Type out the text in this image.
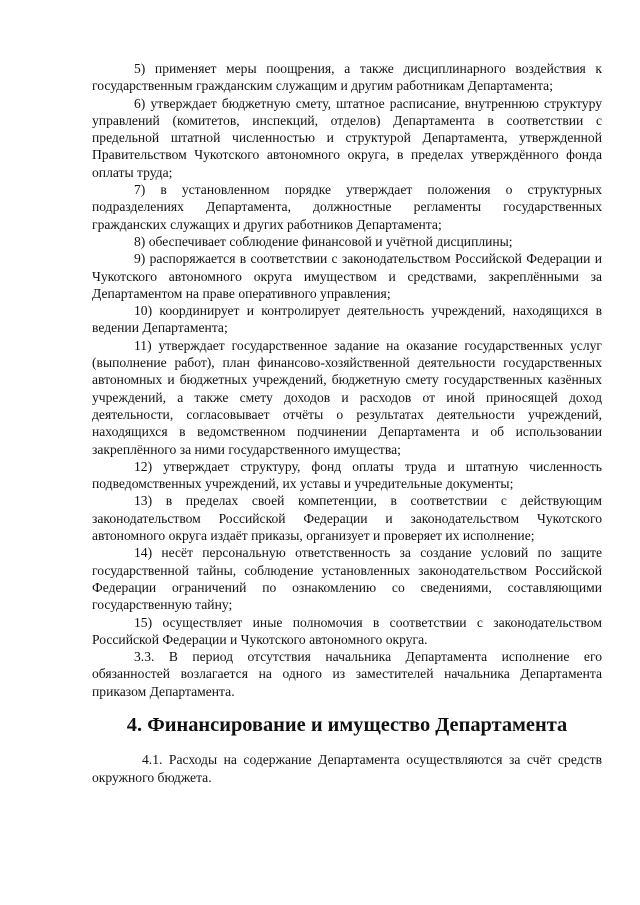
5) применяет меры поощрения, а также дисциплинарного воздействия к государственным гражданским служащим и другим работникам Департамента;

6) утверждает бюджетную смету, штатное расписание, внутреннюю структуру управлений (комитетов, инспекций, отделов) Департамента в соответствии с предельной штатной численностью и структурой Департамента, утвержденной Правительством Чукотского автономного округа, в пределах утверждённого фонда оплаты труда;

7) в установленном порядке утверждает положения о структурных подразделениях Департамента, должностные регламенты государственных гражданских служащих и других работников Департамента;

8) обеспечивает соблюдение финансовой и учётной дисциплины;

9) распоряжается в соответствии с законодательством Российской Федерации и Чукотского автономного округа имуществом и средствами, закреплёнными за Департаментом на праве оперативного управления;

10) координирует и контролирует деятельность учреждений, находящихся в ведении Департамента;

11) утверждает государственное задание на оказание государственных услуг (выполнение работ), план финансово-хозяйственной деятельности государственных автономных и бюджетных учреждений, бюджетную смету государственных казённых учреждений, а также смету доходов и расходов от иной приносящей доход деятельности, согласовывает отчёты о результатах деятельности учреждений, находящихся в ведомственном подчинении Департамента и об использовании закреплённого за ними государственного имущества;

12) утверждает структуру, фонд оплаты труда и штатную численность подведомственных учреждений, их уставы и учредительные документы;

13) в пределах своей компетенции, в соответствии с действующим законодательством Российской Федерации и законодательством Чукотского автономного округа издаёт приказы, организует и проверяет их исполнение;

14) несёт персональную ответственность за создание условий по защите государственной тайны, соблюдение установленных законодательством Российской Федерации ограничений по ознакомлению со сведениями, составляющими государственную тайну;

15) осуществляет иные полномочия в соответствии с законодательством Российской Федерации и Чукотского автономного округа.

3.3. В период отсутствия начальника Департамента исполнение его обязанностей возлагается на одного из заместителей начальника Департамента приказом Департамента.

4. Финансирование и имущество Департамента

4.1. Расходы на содержание Департамента осуществляются за счёт средств окружного бюджета.
